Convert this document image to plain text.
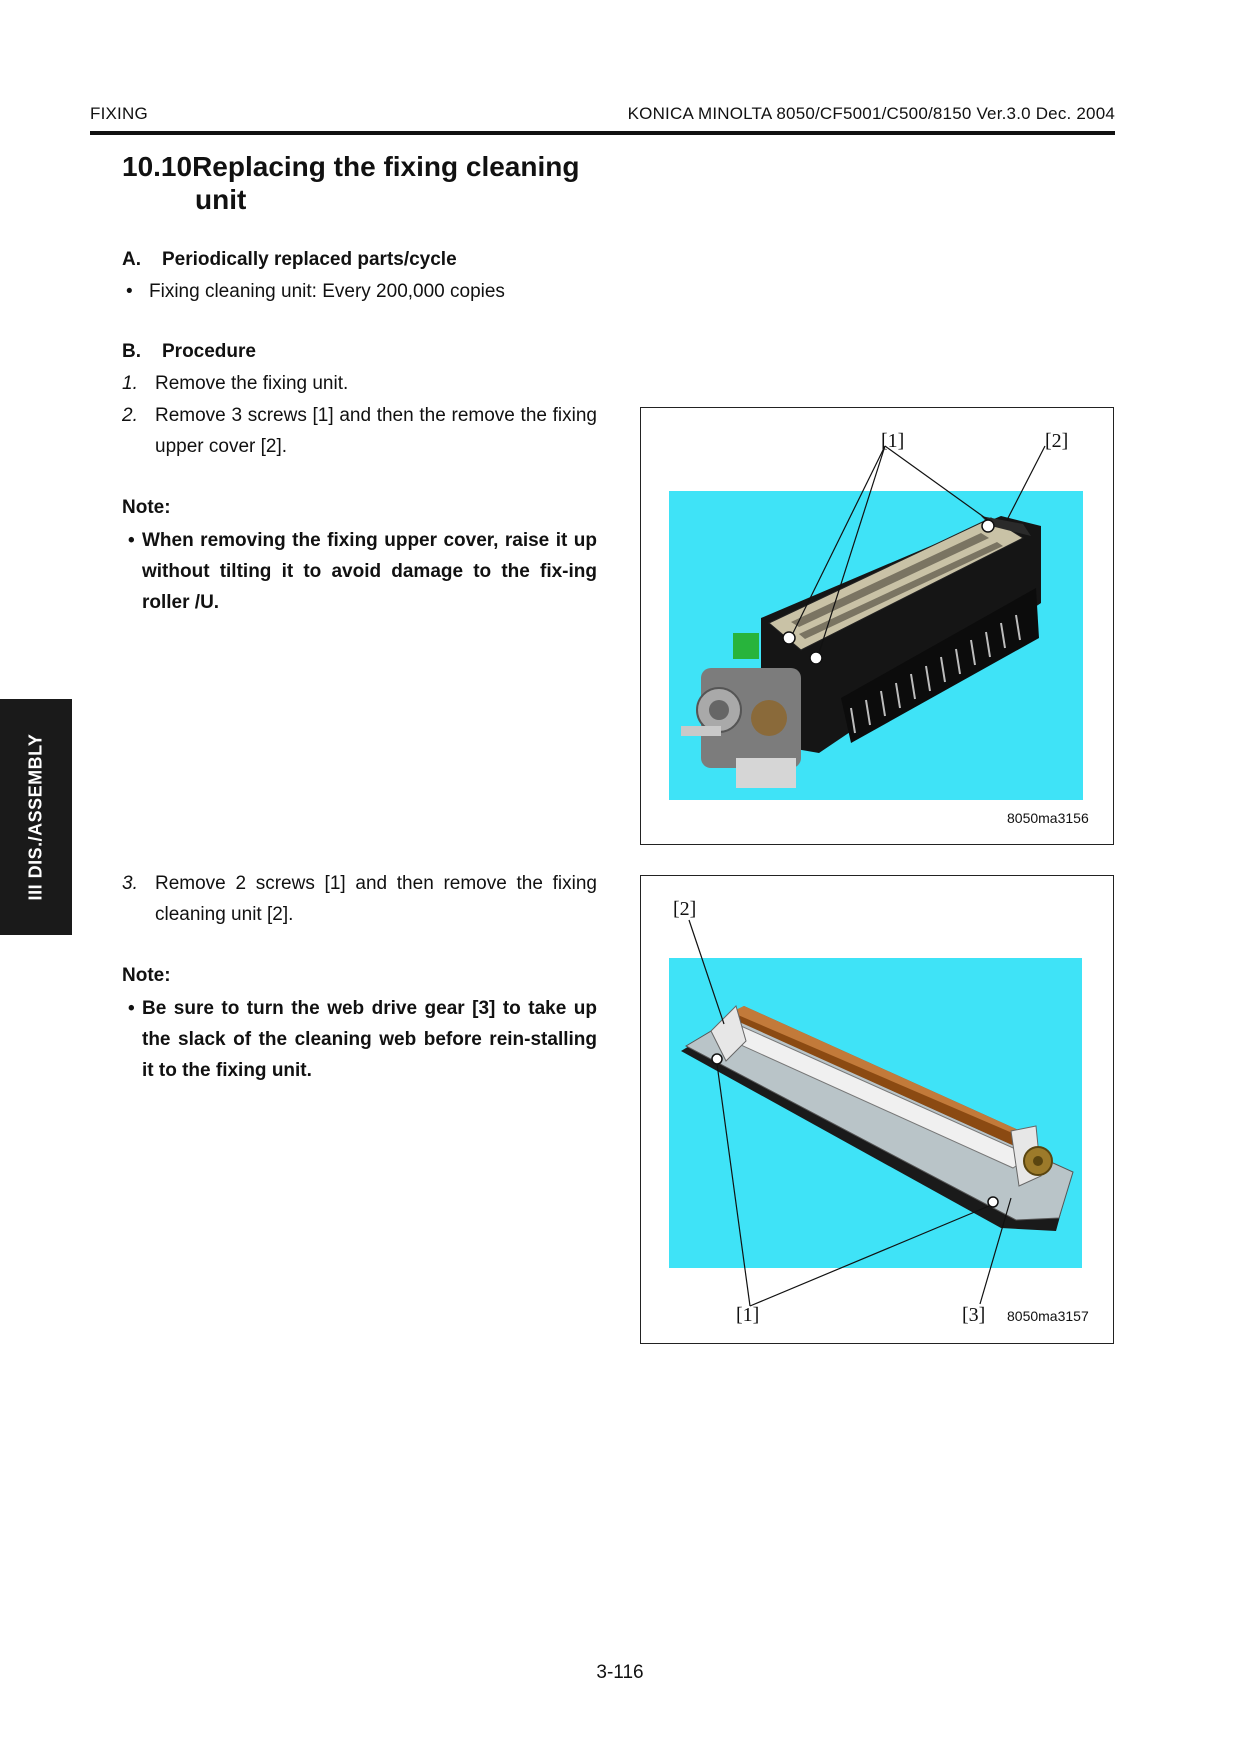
FIXING	KONICA MINOLTA 8050/CF5001/C500/8150 Ver.3.0 Dec. 2004
10.10Replacing the fixing cleaning
unit
A. Periodically replaced parts/cycle
• Fixing cleaning unit: Every 200,000 copies
B. Procedure
1. Remove the fixing unit.
2. Remove 3 screws [1] and then the remove the fixing upper cover [2].
Note:
• When removing the fixing upper cover, raise it up without tilting it to avoid damage to the fix-ing roller /U.
3. Remove 2 screws [1] and then remove the fixing cleaning unit [2].
Note:
• Be sure to turn the web drive gear [3] to take up the slack of the cleaning web before rein-stalling it to the fixing unit.
[1]	[2]
8050ma3156
[2]
[1]	[3] 8050ma3157
III DIS./ASSEMBLY
3-116
